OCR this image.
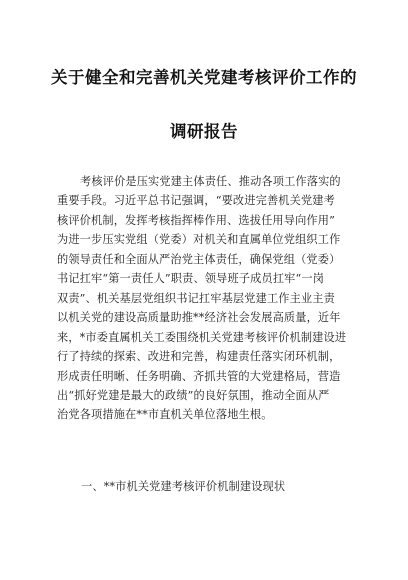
关于健全和完善机关党建考核评价工作的
调研报告
考核评价是压实党建主体责任、推动各项工作落实的
重要手段。习近平总书记强调，“要改进完善机关党建考
核评价机制，发挥考核指挥棒作用、选拔任用导向作用”
为进一步压实党组（党委）对机关和直属单位党组织工作
的领导责任和全面从严治党主体责任，确保党组（党委）
书记扛牢“第一责任人”职责、领导班子成员扛牢“一岗
双责”、机关基层党组织书记扛牢基层党建工作主业主责
以机关党的建设高质量助推**经济社会发展高质量，近年
来，*市委直属机关工委围绕机关党建考核评价机制建设进
行了持续的探索、改进和完善，构建责任落实闭环机制，
形成责任明晰、任务明确、齐抓共管的大党建格局，营造
出“抓好党建是最大的政绩”的良好氛围，推动全面从严
治党各项措施在**市直机关单位落地生根。
一、**市机关党建考核评价机制建设现状
